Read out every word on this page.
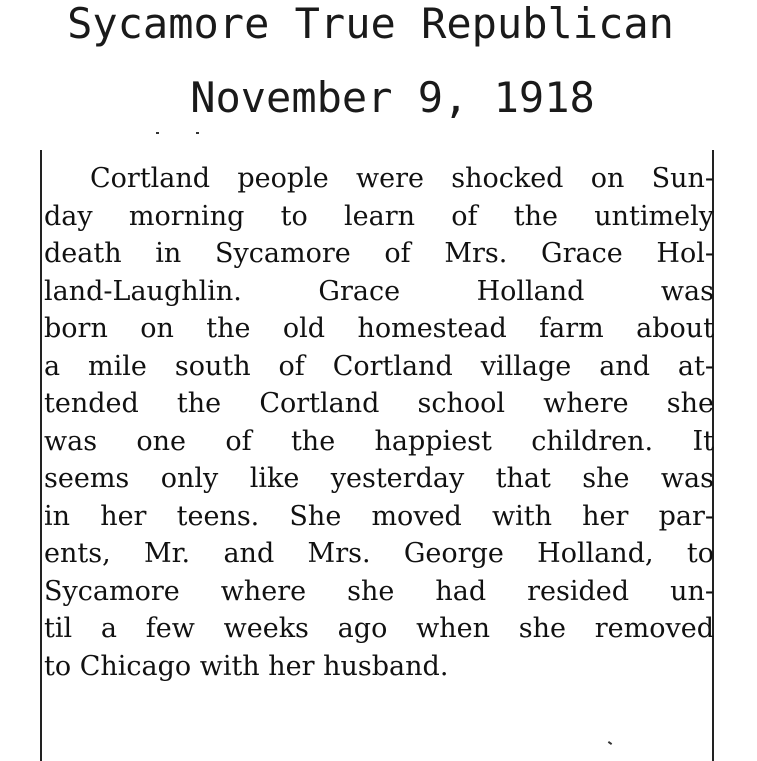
Sycamore True Republican
November 9, 1918
Cortland people were shocked on Sun-
day morning to learn of the untimely
death in Sycamore of Mrs. Grace Hol-
land-Laughlin. Grace Holland was
born on the old homestead farm about
a mile south of Cortland village and at-
tended the Cortland school where she
was one of the happiest children. It
seems only like yesterday that she was
in her teens. She moved with her par-
ents, Mr. and Mrs. George Holland, to
Sycamore where she had resided un-
til a few weeks ago when she removed
to Chicago with her husband.
